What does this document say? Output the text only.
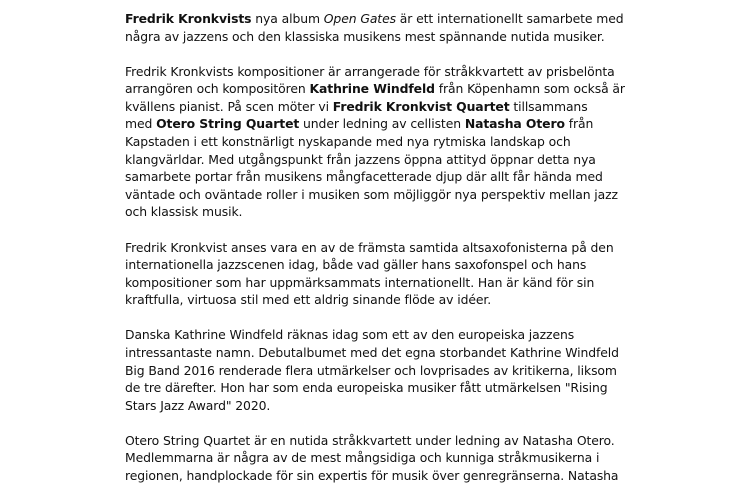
Fredrik Kronkvists nya album Open Gates är ett internationellt samarbete med
några av jazzens och den klassiska musikens mest spännande nutida musiker.

Fredrik Kronkvists kompositioner är arrangerade för stråkkvartett av prisbelönta
arrangören och kompositören Kathrine Windfeld från Köpenhamn som också är
kvällens pianist. På scen möter vi Fredrik Kronkvist Quartet tillsammans
med Otero String Quartet under ledning av cellisten Natasha Otero från
Kapstaden i ett konstnärligt nyskapande med nya rytmiska landskap och
klangvärldar. Med utgångspunkt från jazzens öppna attityd öppnar detta nya
samarbete portar från musikens mångfacetterade djup där allt får hända med
väntade och oväntade roller i musiken som möjliggör nya perspektiv mellan jazz
och klassisk musik.

Fredrik Kronkvist anses vara en av de främsta samtida altsaxofonisterna på den
internationella jazzscenen idag, både vad gäller hans saxofonspel och hans
kompositioner som har uppmärksammats internationellt. Han är känd för sin
kraftfulla, virtuosa stil med ett aldrig sinande flöde av idéer.

Danska Kathrine Windfeld räknas idag som ett av den europeiska jazzens
intressantaste namn. Debutalbumet med det egna storbandet Kathrine Windfeld
Big Band 2016 renderade flera utmärkelser och lovprisades av kritikerna, liksom
de tre därefter. Hon har som enda europeiska musiker fått utmärkelsen "Rising
Stars Jazz Award" 2020.

Otero String Quartet är en nutida stråkkvartett under ledning av Natasha Otero.
Medlemmarna är några av de mest mångsidiga och kunniga stråkmusikerna i
regionen, handplockade för sin expertis för musik över genregränserna. Natasha
